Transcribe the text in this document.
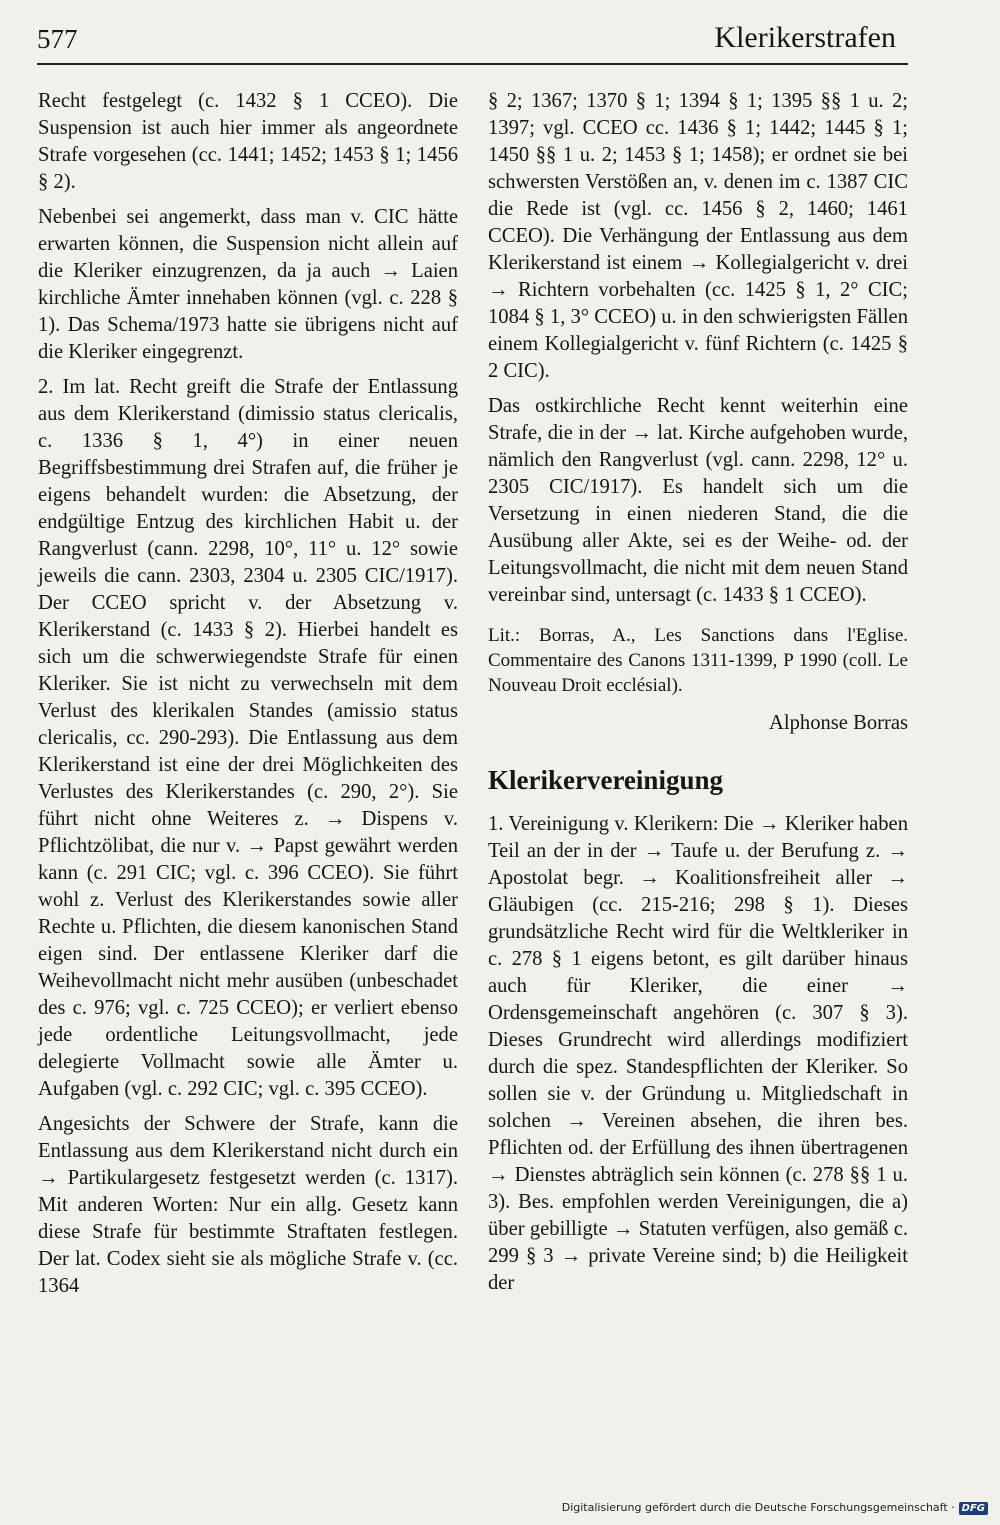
577	Klerikerstrafen

Recht festgelegt (c. 1432 § 1 CCEO). Die Suspension ist auch hier immer als angeordnete Strafe vorgesehen (cc. 1441; 1452; 1453 § 1; 1456 § 2).

Nebenbei sei angemerkt, dass man v. CIC hätte erwarten können, die Suspension nicht allein auf die Kleriker einzugrenzen, da ja auch → Laien kirchliche Ämter innehaben können (vgl. c. 228 § 1). Das Schema/1973 hatte sie übrigens nicht auf die Kleriker eingegrenzt.

2. Im lat. Recht greift die Strafe der Entlassung aus dem Klerikerstand (dimissio status clericalis, c. 1336 § 1, 4°) in einer neuen Begriffsbestimmung drei Strafen auf, die früher je eigens behandelt wurden: die Absetzung, der endgültige Entzug des kirchlichen Habit u. der Rangverlust (cann. 2298, 10°, 11° u. 12° sowie jeweils die cann. 2303, 2304 u. 2305 CIC/1917). Der CCEO spricht v. der Absetzung v. Klerikerstand (c. 1433 § 2). Hierbei handelt es sich um die schwerwiegendste Strafe für einen Kleriker. Sie ist nicht zu verwechseln mit dem Verlust des klerikalen Standes (amissio status clericalis, cc. 290-293). Die Entlassung aus dem Klerikerstand ist eine der drei Möglichkeiten des Verlustes des Klerikerstandes (c. 290, 2°). Sie führt nicht ohne Weiteres z. → Dispens v. Pflichtzölibat, die nur v. → Papst gewährt werden kann (c. 291 CIC; vgl. c. 396 CCEO). Sie führt wohl z. Verlust des Klerikerstandes sowie aller Rechte u. Pflichten, die diesem kanonischen Stand eigen sind. Der entlassene Kleriker darf die Weihevollmacht nicht mehr ausüben (unbeschadet des c. 976; vgl. c. 725 CCEO); er verliert ebenso jede ordentliche Leitungsvollmacht, jede delegierte Vollmacht sowie alle Ämter u. Aufgaben (vgl. c. 292 CIC; vgl. c. 395 CCEO).

Angesichts der Schwere der Strafe, kann die Entlassung aus dem Klerikerstand nicht durch ein → Partikulargesetz festgesetzt werden (c. 1317). Mit anderen Worten: Nur ein allg. Gesetz kann diese Strafe für bestimmte Straftaten festlegen. Der lat. Codex sieht sie als mögliche Strafe v. (cc. 1364

§ 2; 1367; 1370 § 1; 1394 § 1; 1395 §§ 1 u. 2; 1397; vgl. CCEO cc. 1436 § 1; 1442; 1445 § 1; 1450 §§ 1 u. 2; 1453 § 1; 1458); er ordnet sie bei schwersten Verstößen an, v. denen im c. 1387 CIC die Rede ist (vgl. cc. 1456 § 2, 1460; 1461 CCEO). Die Verhängung der Entlassung aus dem Klerikerstand ist einem → Kollegialgericht v. drei → Richtern vorbehalten (cc. 1425 § 1, 2° CIC; 1084 § 1, 3° CCEO) u. in den schwierigsten Fällen einem Kollegialgericht v. fünf Richtern (c. 1425 § 2 CIC).

Das ostkirchliche Recht kennt weiterhin eine Strafe, die in der → lat. Kirche aufgehoben wurde, nämlich den Rangverlust (vgl. cann. 2298, 12° u. 2305 CIC/1917). Es handelt sich um die Versetzung in einen niederen Stand, die die Ausübung aller Akte, sei es der Weihe- od. der Leitungsvollmacht, die nicht mit dem neuen Stand vereinbar sind, untersagt (c. 1433 § 1 CCEO).

Lit.: Borras, A., Les Sanctions dans l'Eglise. Commentaire des Canons 1311-1399, P 1990 (coll. Le Nouveau Droit ecclésial).

Alphonse Borras
Klerikervereinigung

1. Vereinigung v. Klerikern: Die → Kleriker haben Teil an der in der → Taufe u. der Berufung z. → Apostolat begr. → Koalitionsfreiheit aller → Gläubigen (cc. 215-216; 298 § 1). Dieses grundsätzliche Recht wird für die Weltkleriker in c. 278 § 1 eigens betont, es gilt darüber hinaus auch für Kleriker, die einer → Ordensgemeinschaft angehören (c. 307 § 3). Dieses Grundrecht wird allerdings modifiziert durch die spez. Standespflichten der Kleriker. So sollen sie v. der Gründung u. Mitgliedschaft in solchen → Vereinen absehen, die ihren bes. Pflichten od. der Erfüllung des ihnen übertragenen → Dienstes abträglich sein können (c. 278 §§ 1 u. 3). Bes. empfohlen werden Vereinigungen, die a) über gebilligte → Statuten verfügen, also gemäß c. 299 § 3 → private Vereine sind; b) die Heiligkeit der

Digitalisierung gefördert durch die Deutsche Forschungsgemeinschaft · DFG
